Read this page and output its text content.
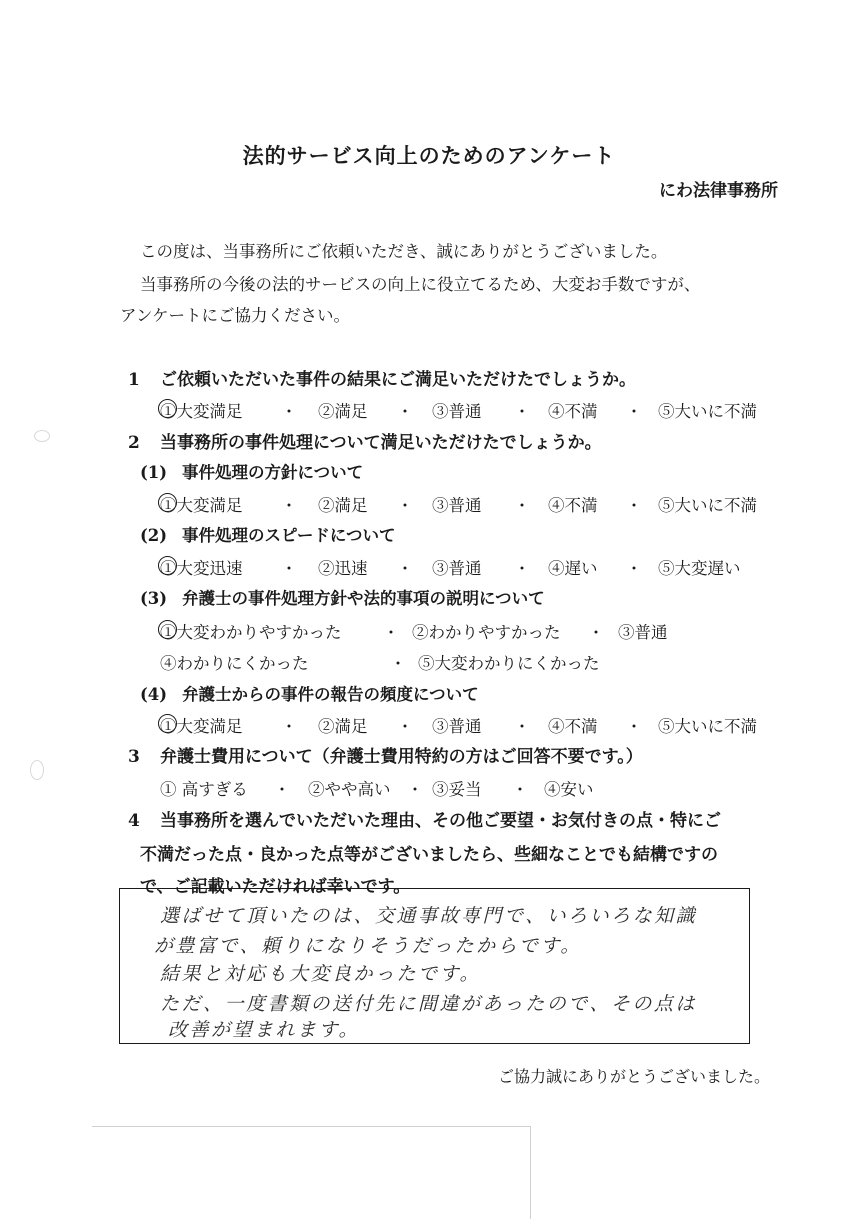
法的サービス向上のためのアンケート
にわ法律事務所
この度は、当事務所にご依頼いただき、誠にありがとうございました。
当事務所の今後の法的サービスの向上に役立てるため、大変お手数ですが、
アンケートにご協力ください。
1 ご依頼いただいた事件の結果にご満足いただけたでしょうか。
①大変満足	・	②満足	・	③普通	・	④不満	・ ⑤大いに不満
2 当事務所の事件処理について満足いただけたでしょうか。
(1) 事件処理の方針について
①大変満足	・	②満足	・	③普通	・	④不満	・ ⑤大いに不満
(2) 事件処理のスピードについて
①大変迅速	・	②迅速	・	③普通	・	④遅い	・ ⑤大変遅い
(3) 弁護士の事件処理方針や法的事項の説明について
①大変わかりやすかった	・ ②わかりやすかった	・ ③普通
④わかりにくかった	・ ⑤大変わかりにくかった
(4) 弁護士からの事件の報告の頻度について
①大変満足	・	②満足	・	③普通	・	④不満	・ ⑤大いに不満
3 弁護士費用について（弁護士費用特約の方はご回答不要です。）
① 高すぎる	・	②やや高い ・ ③妥当	・ ④安い
4 当事務所を選んでいただいた理由、その他ご要望・お気付きの点・特にご
不満だった点・良かった点等がございましたら、些細なことでも結構ですの
で、ご記載いただければ幸いです。
選ばせて頂いたのは、交通事故専門で、いろいろな知識
が豊富で、頼りになりそうだったからです。
結果と対応も大変良かったです。
ただ、一度書類の送付先に間違があったので、その点は
改善が望まれます。
ご協力誠にありがとうございました。
